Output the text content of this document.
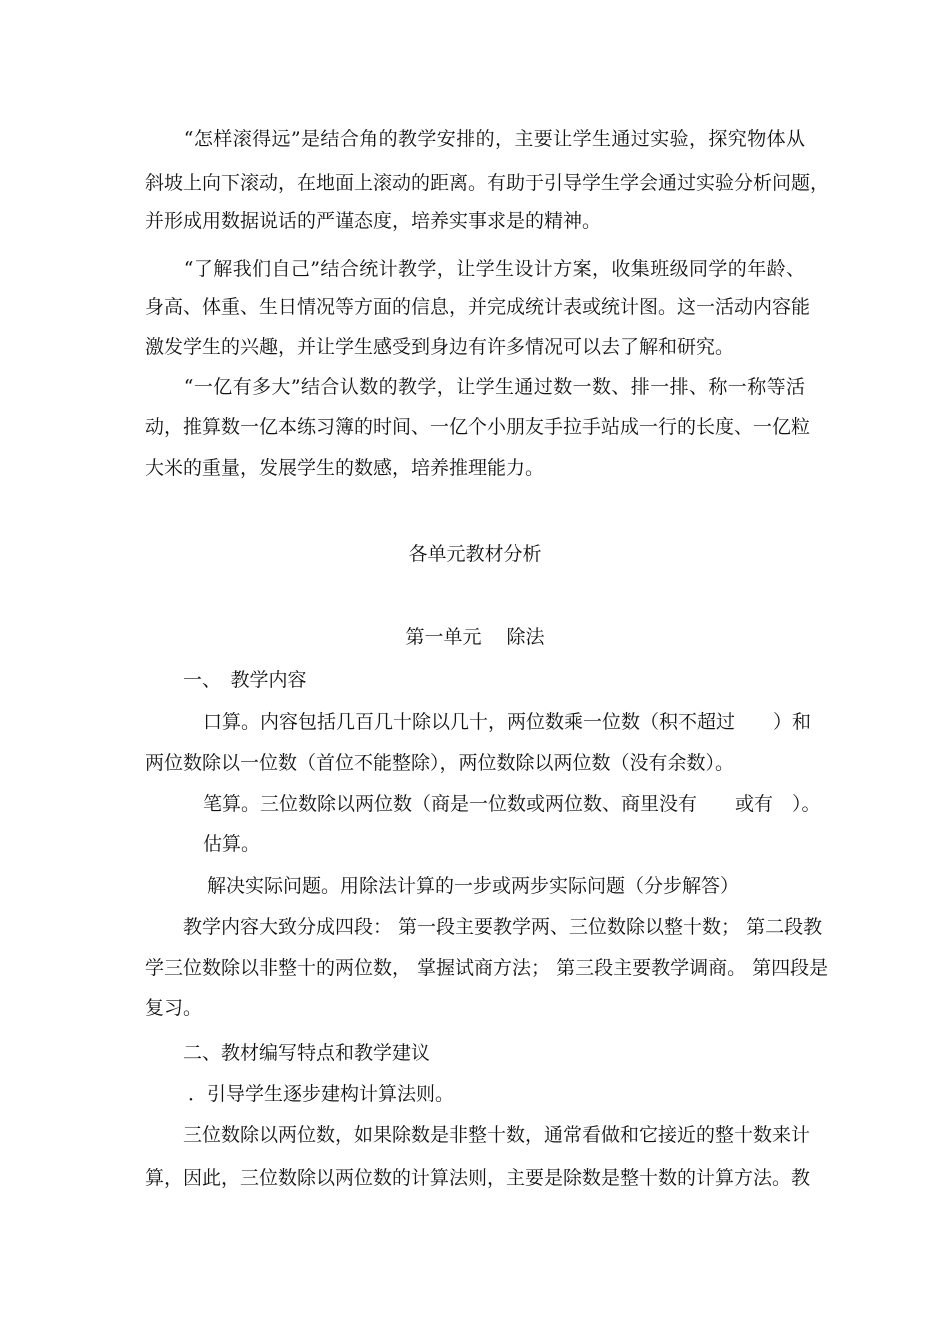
　　“怎样滚得远”是结合角的教学安排的，主要让学生通过实验，探究物体从
斜坡上向下滚动，在地面上滚动的距离。有助于引导学生学会通过实验分析问题，
并形成用数据说话的严谨态度，培养实事求是的精神。
　　“了解我们自己”结合统计教学，让学生设计方案，收集班级同学的年龄、
身高、体重、生日情况等方面的信息，并完成统计表或统计图。这一活动内容能
激发学生的兴趣，并让学生感受到身边有许多情况可以去了解和研究。
　　“一亿有多大”结合认数的教学，让学生通过数一数、排一排、称一称等活
动，推算数一亿本练习簿的时间、一亿个小朋友手拉手站成一行的长度、一亿粒
大米的重量，发展学生的数感，培养推理能力。
各单元教材分析
第一单元　 除法
一、　教学内容
口算。内容包括几百几十除以几十，两位数乘一位数（积不超过　　）和
两位数除以一位数（首位不能整除），两位数除以两位数（没有余数）。
笔算。三位数除以两位数（商是一位数或两位数、商里没有　　或有　）。
估算。
解决实际问题。用除法计算的一步或两步实际问题（分步解答）
教学内容大致分成四段： 第一段主要教学两、三位数除以整十数； 第二段教
学三位数除以非整十的两位数， 掌握试商方法； 第三段主要教学调商。 第四段是
复习。
二、教材编写特点和教学建议
．引导学生逐步建构计算法则。
三位数除以两位数，如果除数是非整十数，通常看做和它接近的整十数来计
算，因此，三位数除以两位数的计算法则，主要是除数是整十数的计算方法。教
